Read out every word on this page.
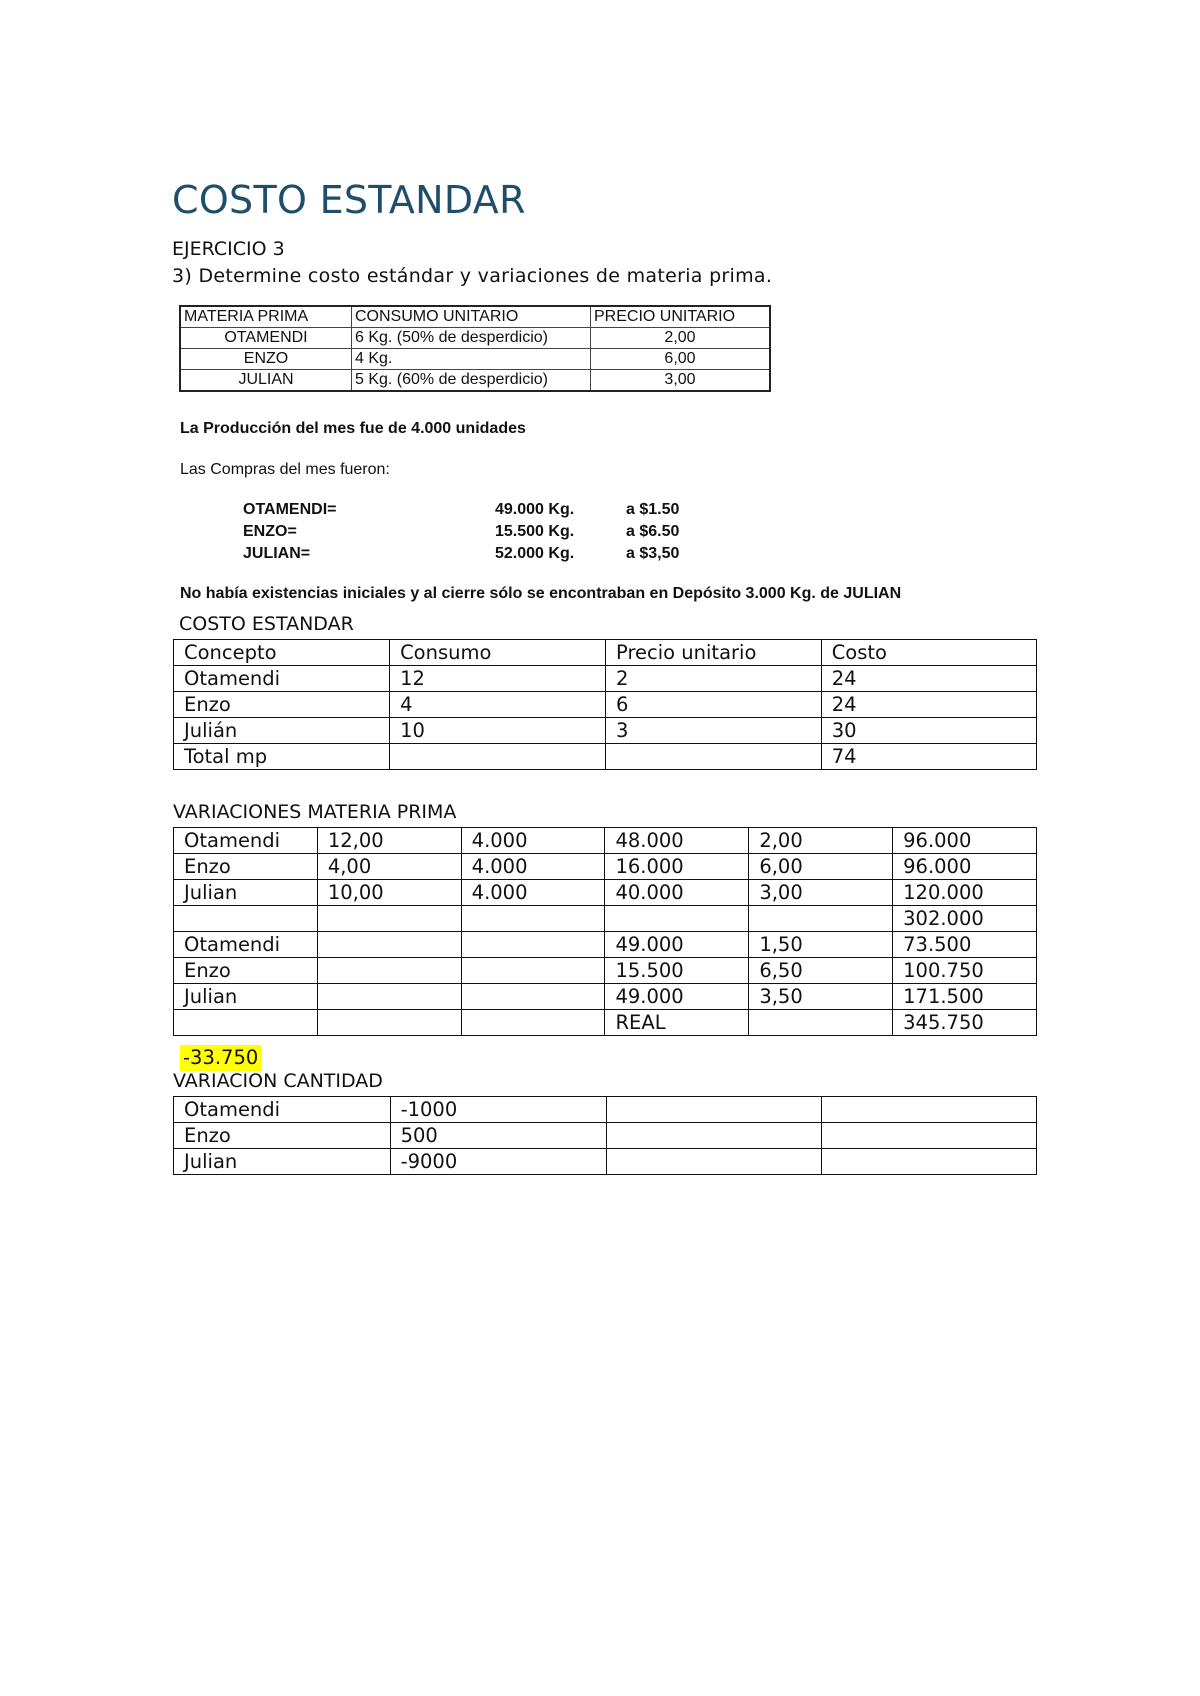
COSTO ESTANDAR
EJERCICIO 3
3) Determine costo estándar y variaciones de materia prima.
MATERIA PRIMA	CONSUMO UNITARIO	PRECIO UNITARIO
OTAMENDI	6 Kg. (50% de desperdicio)	2,00
ENZO	4 Kg.	6,00
JULIAN	5 Kg. (60% de desperdicio)	3,00
La Producción del mes fue de 4.000 unidades
Las Compras del mes fueron:
OTAMENDI=	49.000 Kg.	a $1.50
ENZO=	15.500 Kg.	a $6.50
JULIAN=	52.000 Kg.	a $3,50
No había existencias iniciales y al cierre sólo se encontraban en Depósito 3.000 Kg. de JULIAN
COSTO ESTANDAR
Concepto	Consumo	Precio unitario	Costo
Otamendi	12	2	24
Enzo	4	6	24
Julián	10	3	30
Total mp			74
VARIACIONES MATERIA PRIMA
Otamendi	12,00	4.000	48.000	2,00	96.000
Enzo	4,00	4.000	16.000	6,00	96.000
Julian	10,00	4.000	40.000	3,00	120.000
					302.000
Otamendi			49.000	1,50	73.500
Enzo			15.500	6,50	100.750
Julian			49.000	3,50	171.500
			REAL		345.750
-33.750
VARIACION CANTIDAD
Otamendi	-1000		
Enzo	500		
Julian	-9000		
